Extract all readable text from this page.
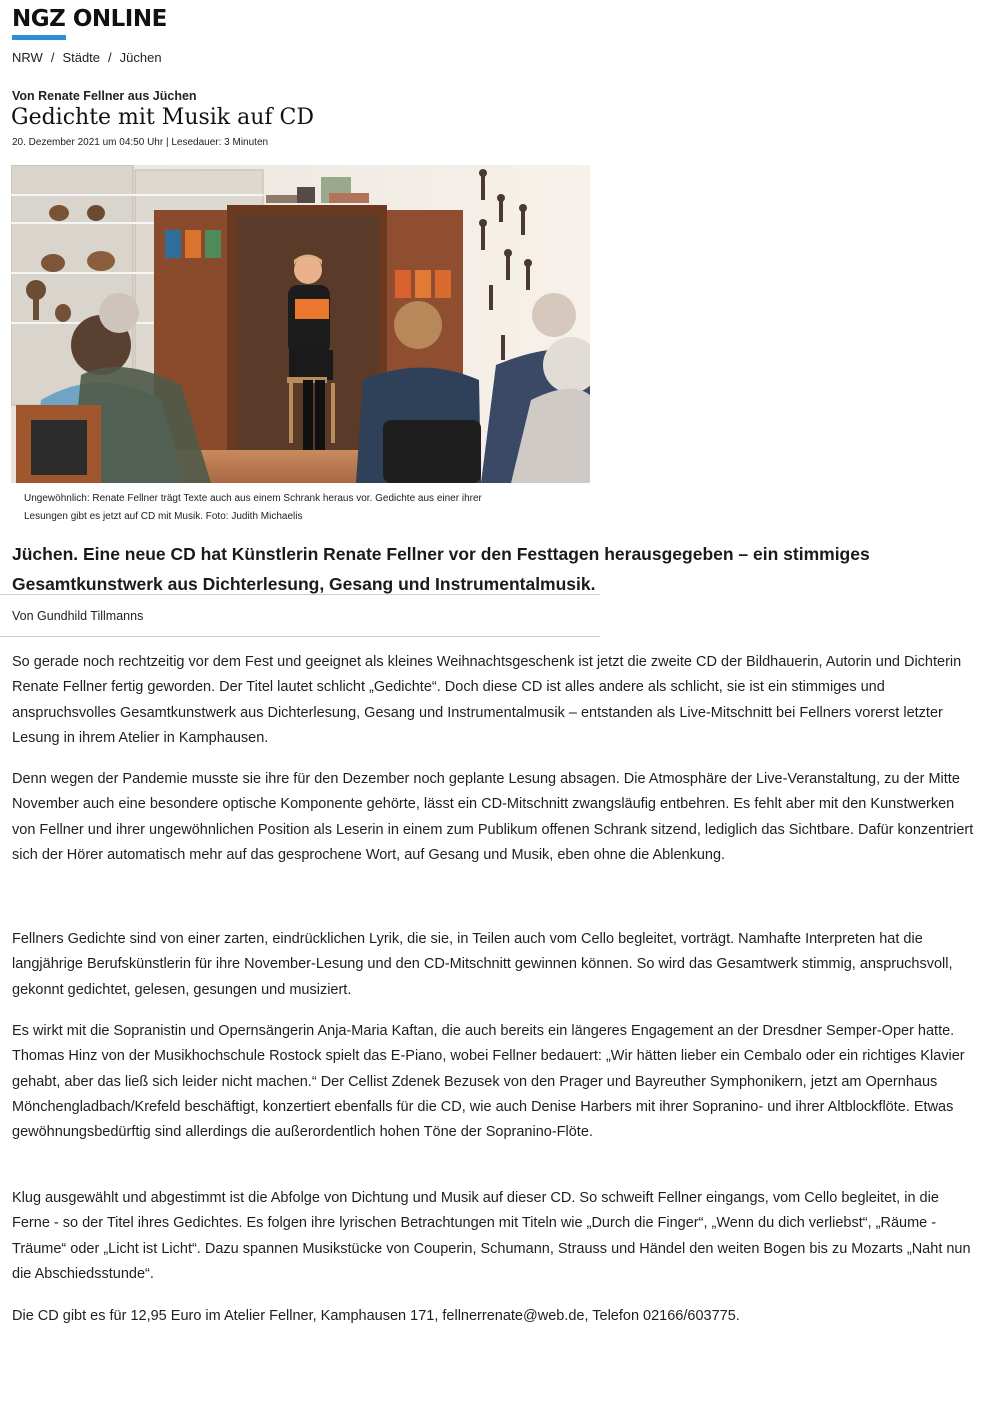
NGZ ONLINE
NRW / Städte / Jüchen
Von Renate Fellner aus Jüchen
Gedichte mit Musik auf CD
20. Dezember 2021 um 04:50 Uhr | Lesedauer: 3 Minuten
Ungewöhnlich: Renate Fellner trägt Texte auch aus einem Schrank heraus vor. Gedichte aus einer ihrer Lesungen gibt es jetzt auf CD mit Musik. Foto: Judith Michaelis
Jüchen. Eine neue CD hat Künstlerin Renate Fellner vor den Festtagen herausgegeben – ein stimmiges Gesamtkunstwerk aus Dichterlesung, Gesang und Instrumentalmusik.
Von Gundhild Tillmanns

So gerade noch rechtzeitig vor dem Fest und geeignet als kleines Weihnachtsgeschenk ist jetzt die zweite CD der Bildhauerin, Autorin und Dichterin Renate Fellner fertig geworden. Der Titel lautet schlicht „Gedichte“. Doch diese CD ist alles andere als schlicht, sie ist ein stimmiges und anspruchsvolles Gesamtkunstwerk aus Dichterlesung, Gesang und Instrumentalmusik – entstanden als Live-Mitschnitt bei Fellners vorerst letzter Lesung in ihrem Atelier in Kamphausen.

Denn wegen der Pandemie musste sie ihre für den Dezember noch geplante Lesung absagen. Die Atmosphäre der Live-Veranstaltung, zu der Mitte November auch eine besondere optische Komponente gehörte, lässt ein CD-Mitschnitt zwangsläufig entbehren. Es fehlt aber mit den Kunstwerken von Fellner und ihrer ungewöhnlichen Position als Leserin in einem zum Publikum offenen Schrank sitzend, lediglich das Sichtbare. Dafür konzentriert sich der Hörer automatisch mehr auf das gesprochene Wort, auf Gesang und Musik, eben ohne die Ablenkung.

Fellners Gedichte sind von einer zarten, eindrücklichen Lyrik, die sie, in Teilen auch vom Cello begleitet, vorträgt. Namhafte Interpreten hat die langjährige Berufskünstlerin für ihre November-Lesung und den CD-Mitschnitt gewinnen können. So wird das Gesamtwerk stimmig, anspruchsvoll, gekonnt gedichtet, gelesen, gesungen und musiziert.

Es wirkt mit die Sopranistin und Opernsängerin Anja-Maria Kaftan, die auch bereits ein längeres Engagement an der Dresdner Semper-Oper hatte. Thomas Hinz von der Musikhochschule Rostock spielt das E-Piano, wobei Fellner bedauert: „Wir hätten lieber ein Cembalo oder ein richtiges Klavier gehabt, aber das ließ sich leider nicht machen.“ Der Cellist Zdenek Bezusek von den Prager und Bayreuther Symphonikern, jetzt am Opernhaus Mönchengladbach/Krefeld beschäftigt, konzertiert ebenfalls für die CD, wie auch Denise Harbers mit ihrer Sopranino- und ihrer Altblockflöte. Etwas gewöhnungsbedürftig sind allerdings die außerordentlich hohen Töne der Sopranino-Flöte.

Klug ausgewählt und abgestimmt ist die Abfolge von Dichtung und Musik auf dieser CD. So schweift Fellner eingangs, vom Cello begleitet, in die Ferne - so der Titel ihres Gedichtes. Es folgen ihre lyrischen Betrachtungen mit Titeln wie „Durch die Finger“, „Wenn du dich verliebst“, „Räume -Träume“ oder „Licht ist Licht“. Dazu spannen Musikstücke von Couperin, Schumann, Strauss und Händel den weiten Bogen bis zu Mozarts „Naht nun die Abschiedsstunde“.

Die CD gibt es für 12,95 Euro im Atelier Fellner, Kamphausen 171, fellnerrenate@web.de, Telefon 02166/603775.
